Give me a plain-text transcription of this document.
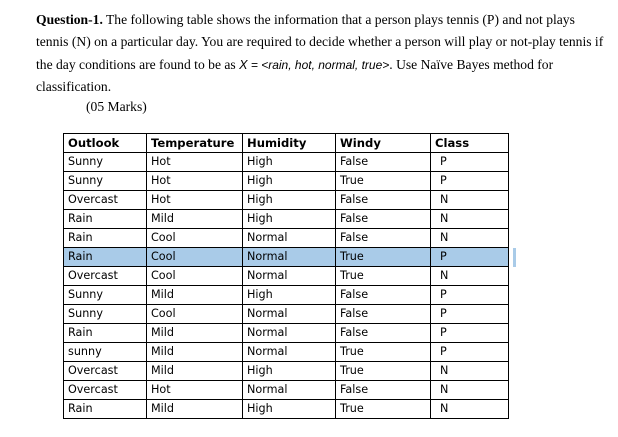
Question-1. The following table shows the information that a person plays tennis (P) and not plays tennis (N) on a particular day. You are required to decide whether a person will play or not-play tennis if the day conditions are found to be as X = <rain, hot, normal, true>. Use Naïve Bayes method for classification.
(05 Marks)
Outlook	Temperature	Humidity	Windy	Class
Sunny	Hot	High	False	P
Sunny	Hot	High	True	P
Overcast	Hot	High	False	N
Rain	Mild	High	False	N
Rain	Cool	Normal	False	N
Rain	Cool	Normal	True	P
Overcast	Cool	Normal	True	N
Sunny	Mild	High	False	P
Sunny	Cool	Normal	False	P
Rain	Mild	Normal	False	P
sunny	Mild	Normal	True	P
Overcast	Mild	High	True	N
Overcast	Hot	Normal	False	N
Rain	Mild	High	True	N
